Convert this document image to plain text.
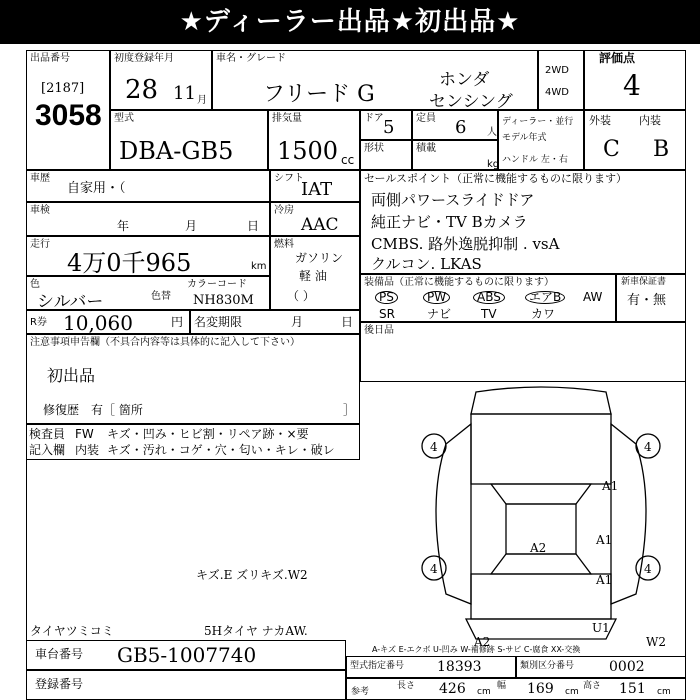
★ディーラー出品★初出品★
出品番号
[2187]
3058
初度登録年月
28 11 月
車名・グレード
フリード G
ホンダ
センシング
2WD
4WD
評価点
4
型式
DBA-GB5
排気量
1500 cc
ドア 5 定員 6 人
形状	積載
kg
ディーラー・並行
モデル年式
ハンドル 左・右
外装	内装
C B
車歴
自家用・（
シフト
IAT
車検
年	月	日
冷房
AAC
走行
4万0千965	km
燃料
ガソリン
軽 油
（ ）
色
シルバー	色替
カラーコード
NH830M
R券 10,060	円 名変期限	月	日
セールスポイント（正常に機能するものに限ります）
両側パワースライドドア
純正ナビ・TV Bカメラ
CMBS. 路外逸脱抑制 . vsA
クルコン. LKAS
装備品（正常に機能するものに限ります）
PS	PW	ABS	エアB	AW
SR	ナビ TV	カワ
新車保証書
有・無
注意事項申告欄（不具合内容等は具体的に記入して下さい）
初出品
修復歴　有［ 箇所	］
後日品
検査員
記入欄
FW キズ・凹み・ヒビ割・リペア跡・×要
内装 キズ・汚れ・コゲ・穴・匂い・キレ・破レ
キズ.E ズリキズ.W2
タイヤツミコミ	5Hタイヤ ナカAW.
4	4
4	4
A1
A2
A1
A1
U1
W2
A2
車台番号 GB5-1007740
登録番号
型式指定番号 18393	類別区分番号 0002
長さ 426 cm
幅 169 cm
高さ 151 cm
参考
A-キズ E-エクボ U-凹み W-補修跡 S-サビ C-腐食 XX-交換
